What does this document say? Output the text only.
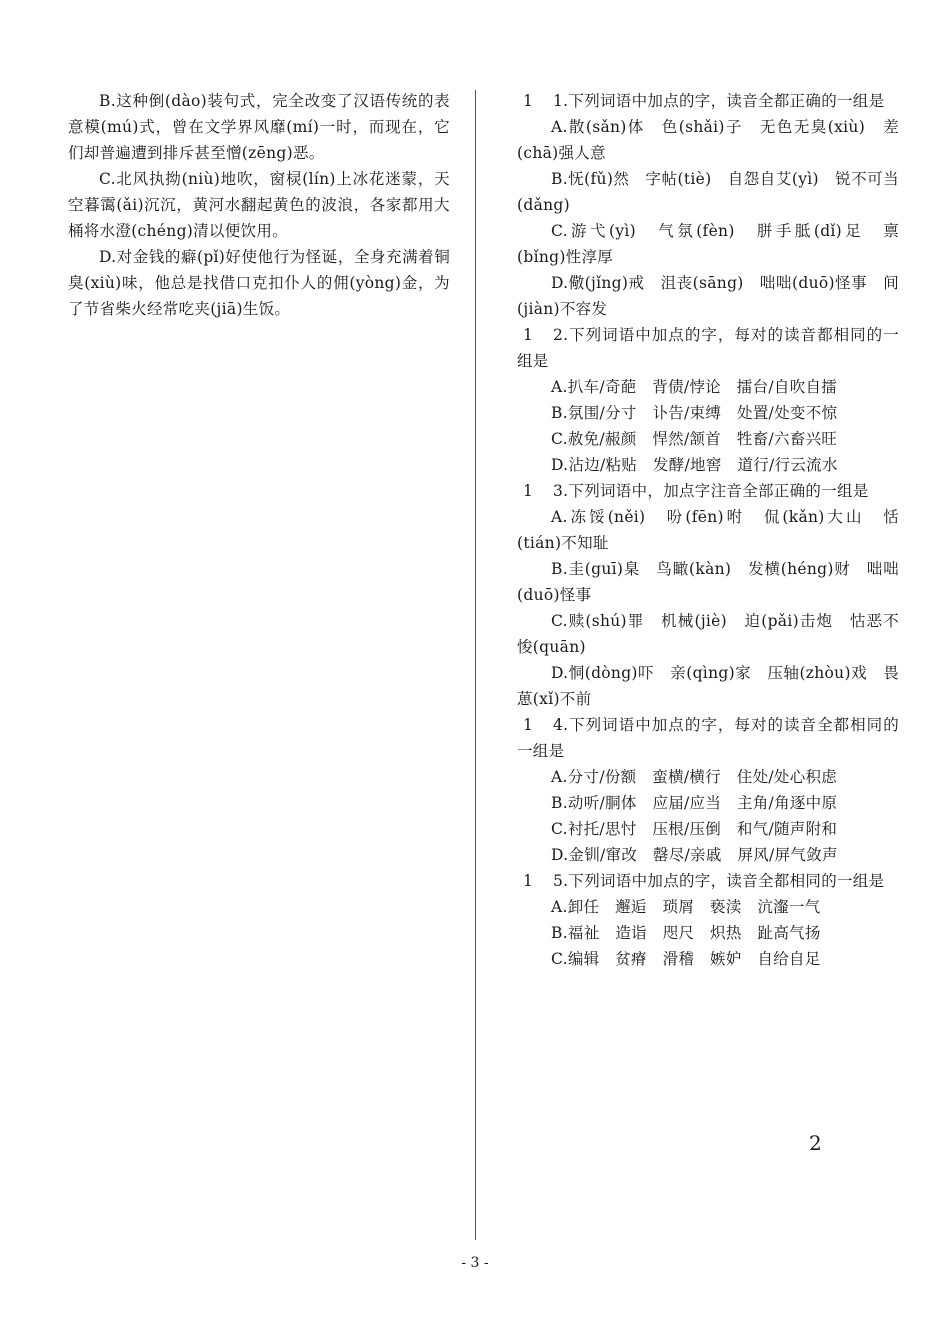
B.这种倒(dào)装句式，完全改变了汉语传统的表意模(mú)式，曾在文学界风靡(mí)一时，而现在，它们却普遍遭到排斥甚至憎(zēng)恶。

C.北风执拗(niù)地吹，窗棂(lín)上冰花迷蒙，天空暮霭(ǎi)沉沉，黄河水翻起黄色的波浪，各家都用大桶将水澄(chéng)清以便饮用。

D.对金钱的癖(pǐ)好使他行为怪诞，全身充满着铜臭(xiù)味，他总是找借口克扣仆人的佣(yòng)金，为了节省柴火经常吃夹(jiā)生饭。

1 1.下列词语中加点的字，读音全都正确的一组是

A.散(sǎn)体　色(shǎi)子　无色无臭(xiù)　差(chā)强人意

B.怃(fǔ)然　字帖(tiè)　自怨自艾(yì)　锐不可当(dǎng)

C.游弋(yì)　气氛(fèn)　胼手胝(dǐ)足　禀(bǐng)性淳厚

D.儆(jǐng)戒　沮丧(sāng)　咄咄(duō)怪事　间(jiàn)不容发

1 2.下列词语中加点的字，每对的读音都相同的一组是

A.扒车/奇葩　背债/悖论　擂台/自吹自擂

B.氛围/分寸　讣告/束缚　处置/处变不惊

C.赦免/赧颜　悍然/颔首　牲畜/六畜兴旺

D.沾边/粘贴　发酵/地窖　道行/行云流水

1 3.下列词语中，加点字注音全部正确的一组是

A.冻馁(něi)　吩(fēn)咐　侃(kǎn)大山　恬(tián)不知耻

B.圭(guī)臬　鸟瞰(kàn)　发横(héng)财　咄咄(duō)怪事

C.赎(shú)罪　机械(jiè)　迫(pǎi)击炮　怙恶不悛(quān)

D.恫(dòng)吓　亲(qìng)家　压轴(zhòu)戏　畏葸(xǐ)不前

1 4.下列词语中加点的字，每对的读音全都相同的一组是

A.分寸/份额　蛮横/横行　住处/处心积虑

B.动听/胴体　应届/应当　主角/角逐中原

C.衬托/思忖　压根/压倒　和气/随声附和

D.金钏/窜改　罄尽/亲戚　屏风/屏气敛声

1 5.下列词语中加点的字，读音全都相同的一组是

A.卸任　邂逅　琐屑　亵渎　沆瀣一气

B.福祉　造诣　咫尺　炽热　趾高气扬

C.编辑　贫瘠　滑稽　嫉妒　自给自足

2
- 3 -
